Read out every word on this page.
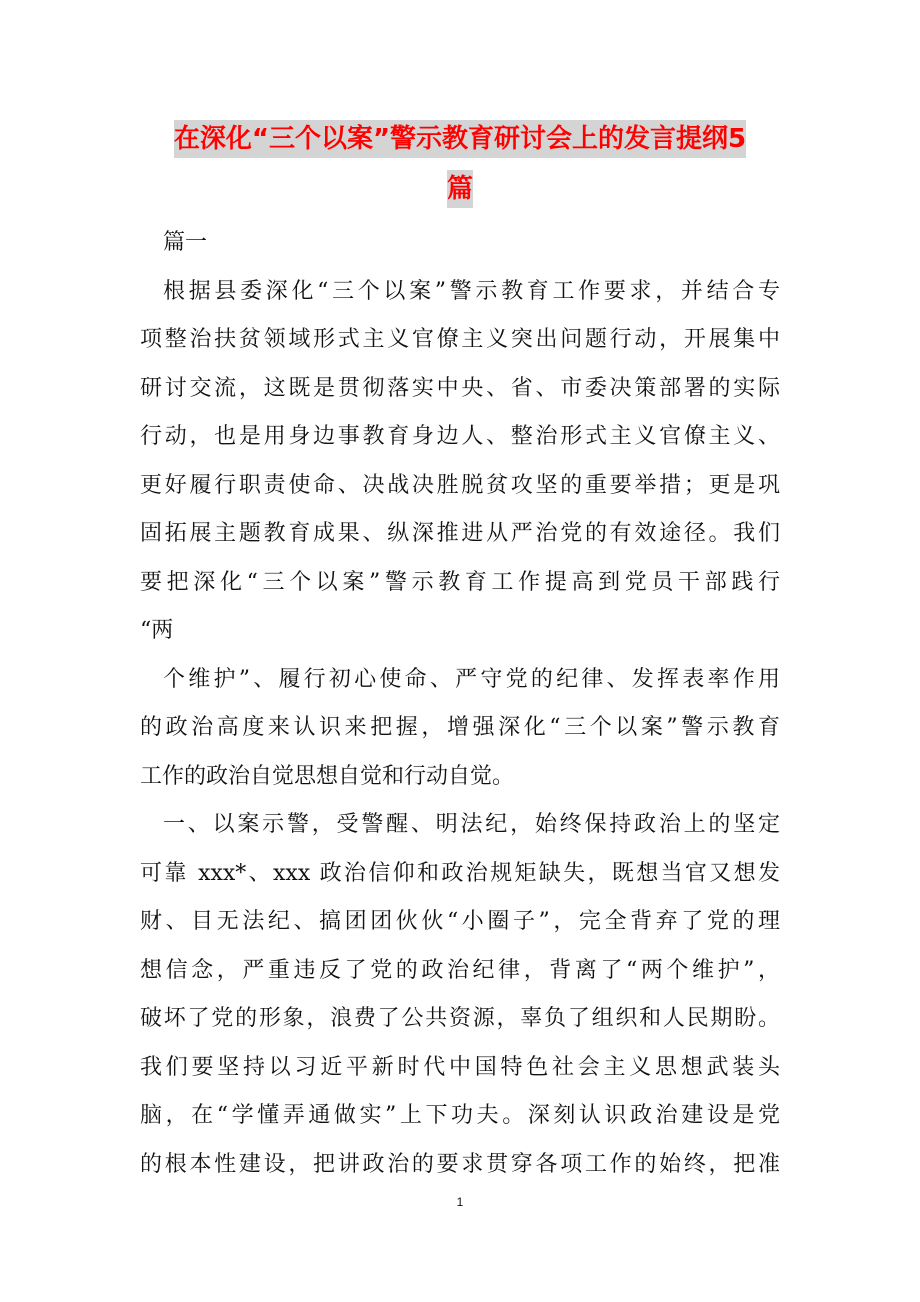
在深化“三个以案”警示教育研讨会上的发言提纲5
篇
篇一
根据县委深化“三个以案”警示教育工作要求，并结合专
项整治扶贫领域形式主义官僚主义突出问题行动，开展集中
研讨交流，这既是贯彻落实中央、省、市委决策部署的实际
行动，也是用身边事教育身边人、整治形式主义官僚主义、
更好履行职责使命、决战决胜脱贫攻坚的重要举措；更是巩
固拓展主题教育成果、纵深推进从严治党的有效途径。我们
要把深化“三个以案”警示教育工作提高到党员干部践行
“两
个维护”、履行初心使命、严守党的纪律、发挥表率作用
的政治高度来认识来把握，增强深化“三个以案”警示教育
工作的政治自觉思想自觉和行动自觉。
一、以案示警，受警醒、明法纪，始终保持政治上的坚定
可靠 xxx*、xxx 政治信仰和政治规矩缺失，既想当官又想发
财、目无法纪、搞团团伙伙“小圈子”，完全背弃了党的理
想信念，严重违反了党的政治纪律，背离了“两个维护”，
破坏了党的形象，浪费了公共资源，辜负了组织和人民期盼。
我们要坚持以习近平新时代中国特色社会主义思想武装头
脑，在“学懂弄通做实”上下功夫。深刻认识政治建设是党
的根本性建设，把讲政治的要求贯穿各项工作的始终，把准
1
